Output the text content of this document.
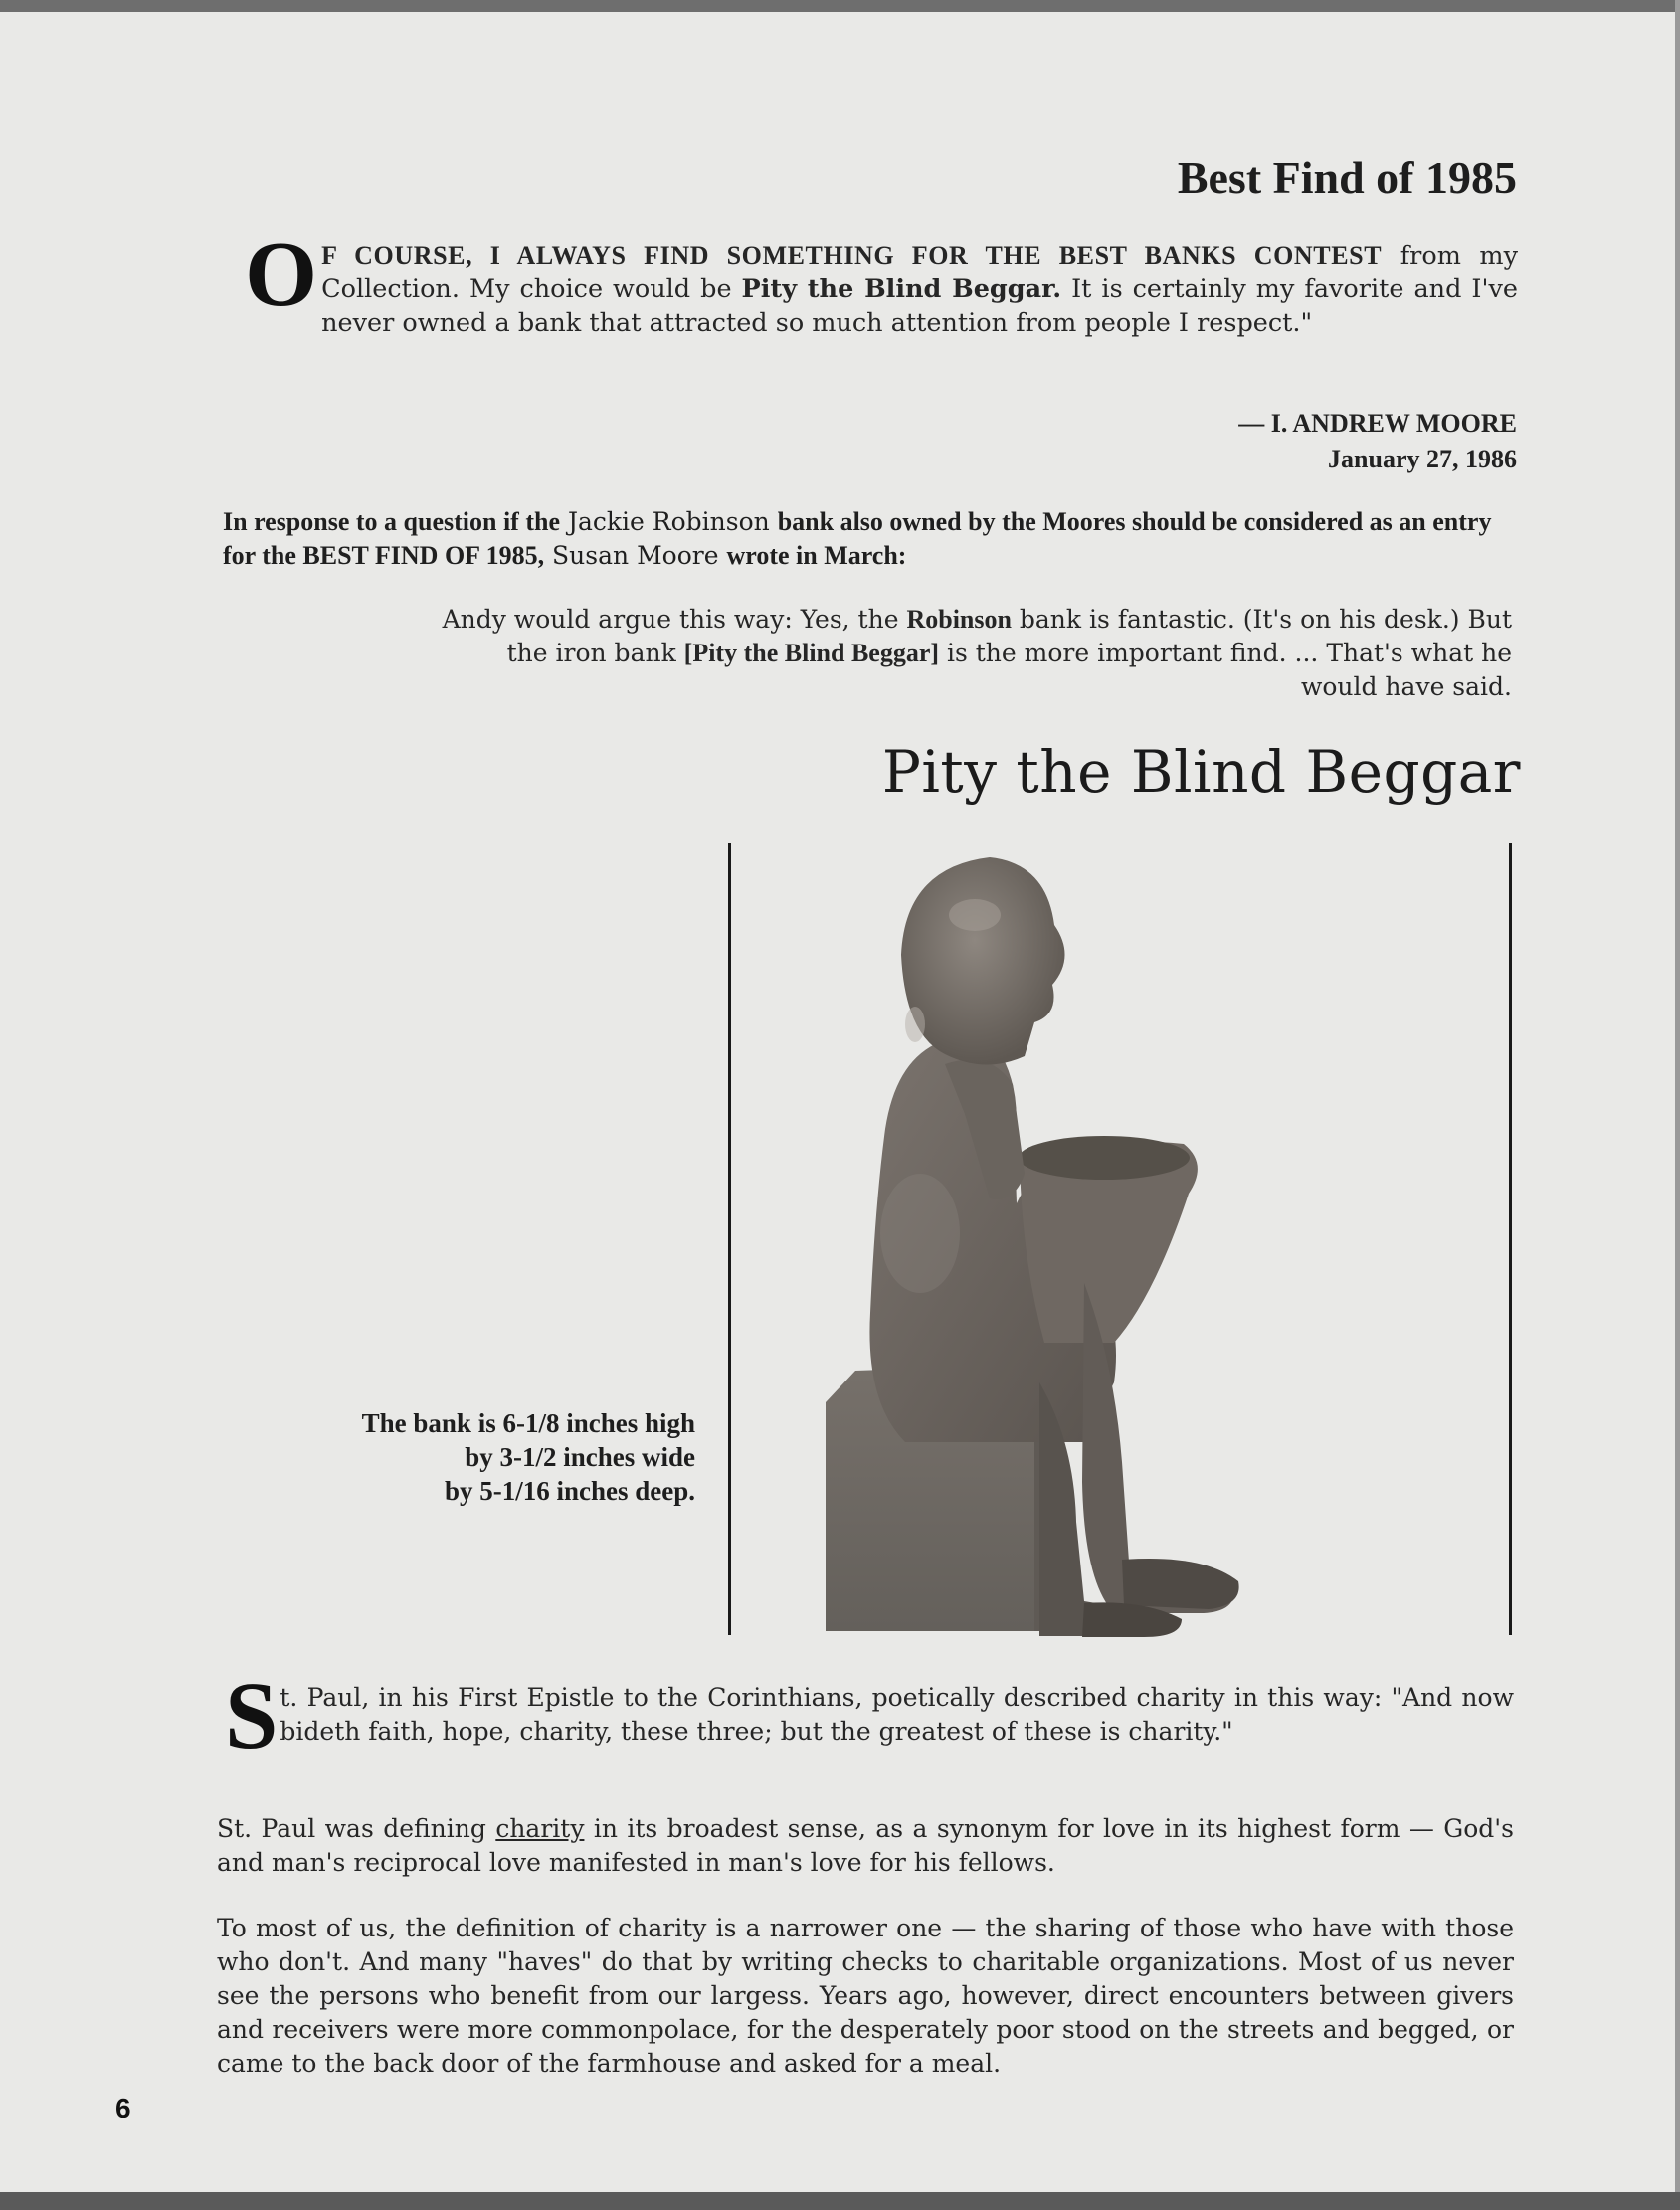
Best Find of 1985

O F COURSE, I ALWAYS FIND SOMETHING FOR THE BEST BANKS CONTEST from my Collection. My choice would be Pity the Blind Beggar. It is certainly my favorite and I've never owned a bank that attracted so much attention from people I respect."

— I. ANDREW MOORE
January 27, 1986

In response to a question if the Jackie Robinson bank also owned by the Moores should be considered as an entry for the BEST FIND OF 1985, Susan Moore wrote in March:

Andy would argue this way: Yes, the Robinson bank is fantastic. (It's on his desk.) But the iron bank [Pity the Blind Beggar] is the more important find. ... That's what he would have said.

Pity the Blind Beggar
The bank is 6-1/8 inches high
by 3-1/2 inches wide
by 5-1/16 inches deep.

St. Paul, in his First Epistle to the Corinthians, poetically described charity in this way: "And now bideth faith, hope, charity, these three; but the greatest of these is charity."

St. Paul was defining charity in its broadest sense, as a synonym for love in its highest form — God's and man's reciprocal love manifested in man's love for his fellows.

To most of us, the definition of charity is a narrower one — the sharing of those who have with those who don't. And many "haves" do that by writing checks to charitable organizations. Most of us never see the persons who benefit from our largess. Years ago, however, direct encounters between givers and receivers were more commonpolace, for the desperately poor stood on the streets and begged, or came to the back door of the farmhouse and asked for a meal.

6
